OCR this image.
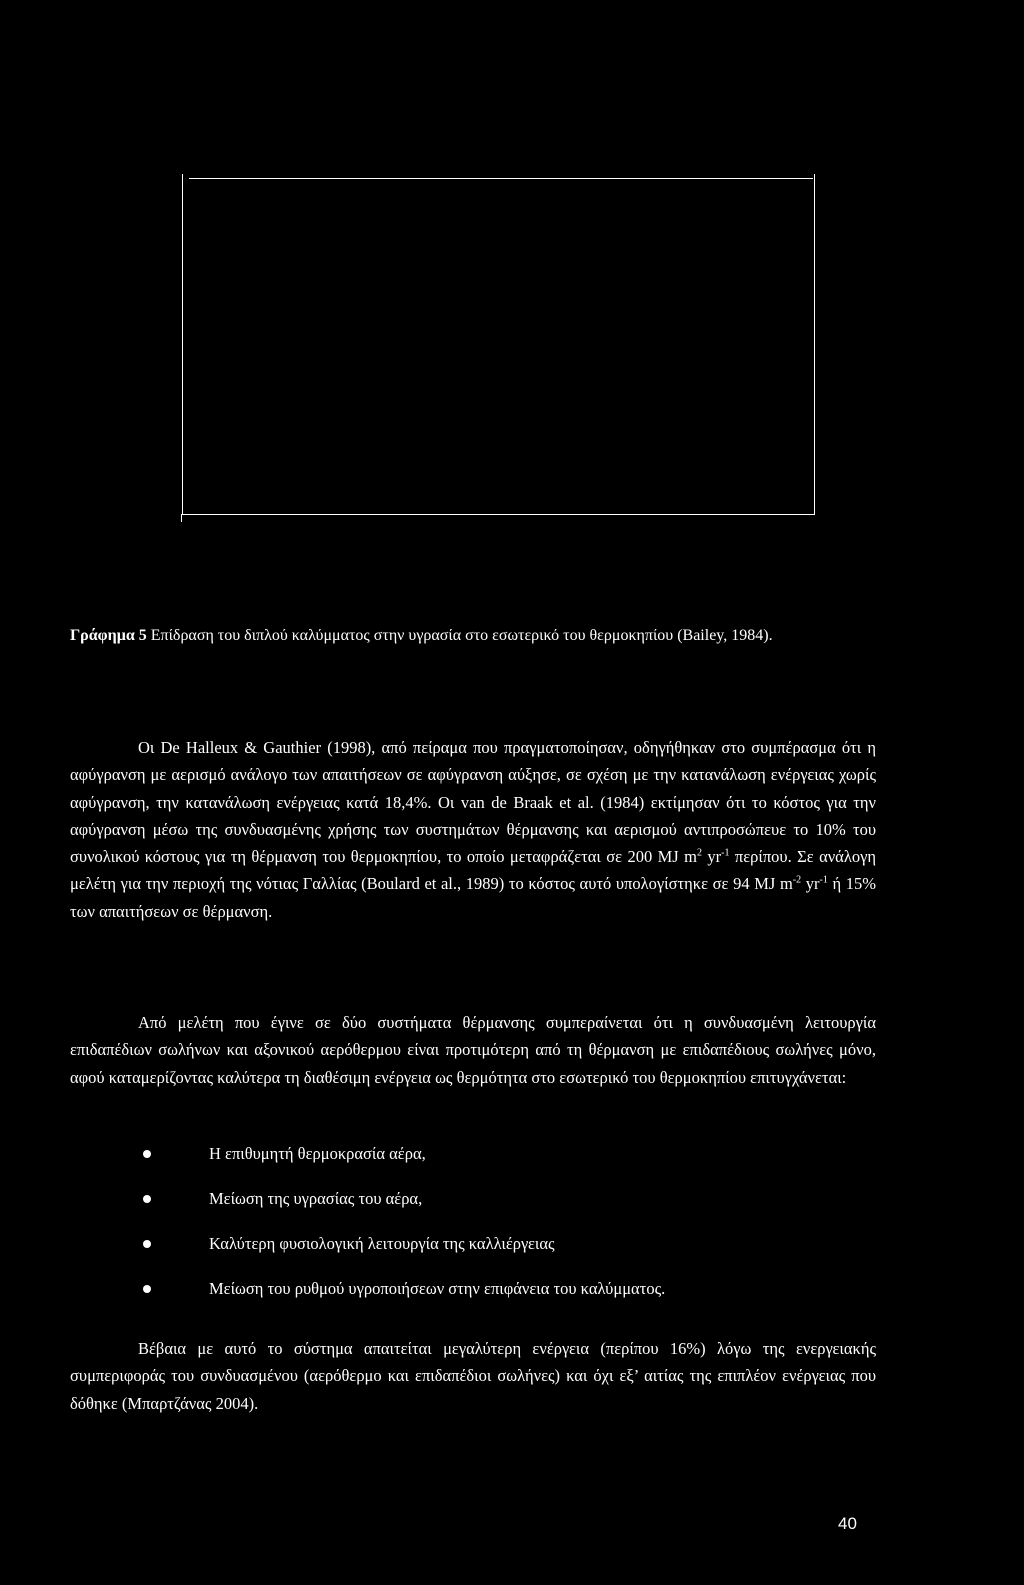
Γράφημα 5 Επίδραση του διπλού καλύμματος στην υγρασία στο εσωτερικό του θερμοκηπίου (Bailey, 1984).

Οι De Halleux & Gauthier (1998), από πείραμα που πραγματοποίησαν, οδηγήθηκαν στο συμπέρασμα ότι η αφύγρανση με αερισμό ανάλογο των απαιτήσεων σε αφύγρανση αύξησε, σε σχέση με την κατανάλωση ενέργειας χωρίς αφύγρανση, την κατανάλωση ενέργειας κατά 18,4%. Οι van de Braak et al. (1984) εκτίμησαν ότι το κόστος για την αφύγρανση μέσω της συνδυασμένης χρήσης των συστημάτων θέρμανσης και αερισμού αντιπροσώπευε το 10% του συνολικού κόστους για τη θέρμανση του θερμοκηπίου, το οποίο μεταφράζεται σε 200 MJ $m^2$ $yr^{-1}$ περίπου. Σε ανάλογη μελέτη για την περιοχή της νότιας Γαλλίας (Boulard et al., 1989) το κόστος αυτό υπολογίστηκε σε 94 MJ $m^{-2}$ $yr^{-1}$ ή 15% των απαιτήσεων σε θέρμανση.

Από μελέτη που έγινε σε δύο συστήματα θέρμανσης συμπεραίνεται ότι η συνδυασμένη λειτουργία επιδαπέδιων σωλήνων και αξονικού αερόθερμου είναι προτιμότερη από τη θέρμανση με επιδαπέδιους σωλήνες μόνο, αφού καταμερίζοντας καλύτερα τη διαθέσιμη ενέργεια ως θερμότητα στο εσωτερικό του θερμοκηπίου επιτυγχάνεται:

Η επιθυμητή θερμοκρασία αέρα,
Μείωση της υγρασίας του αέρα,
Καλύτερη φυσιολογική λειτουργία της καλλιέργειας
Μείωση του ρυθμού υγροποιήσεων στην επιφάνεια του καλύμματος.

Βέβαια με αυτό το σύστημα απαιτείται μεγαλύτερη ενέργεια (περίπου 16%) λόγω της ενεργειακής συμπεριφοράς του συνδυασμένου (αερόθερμο και επιδαπέδιοι σωλήνες) και όχι εξ’ αιτίας της επιπλέον ενέργειας που δόθηκε (Μπαρτζάνας 2004).

40
